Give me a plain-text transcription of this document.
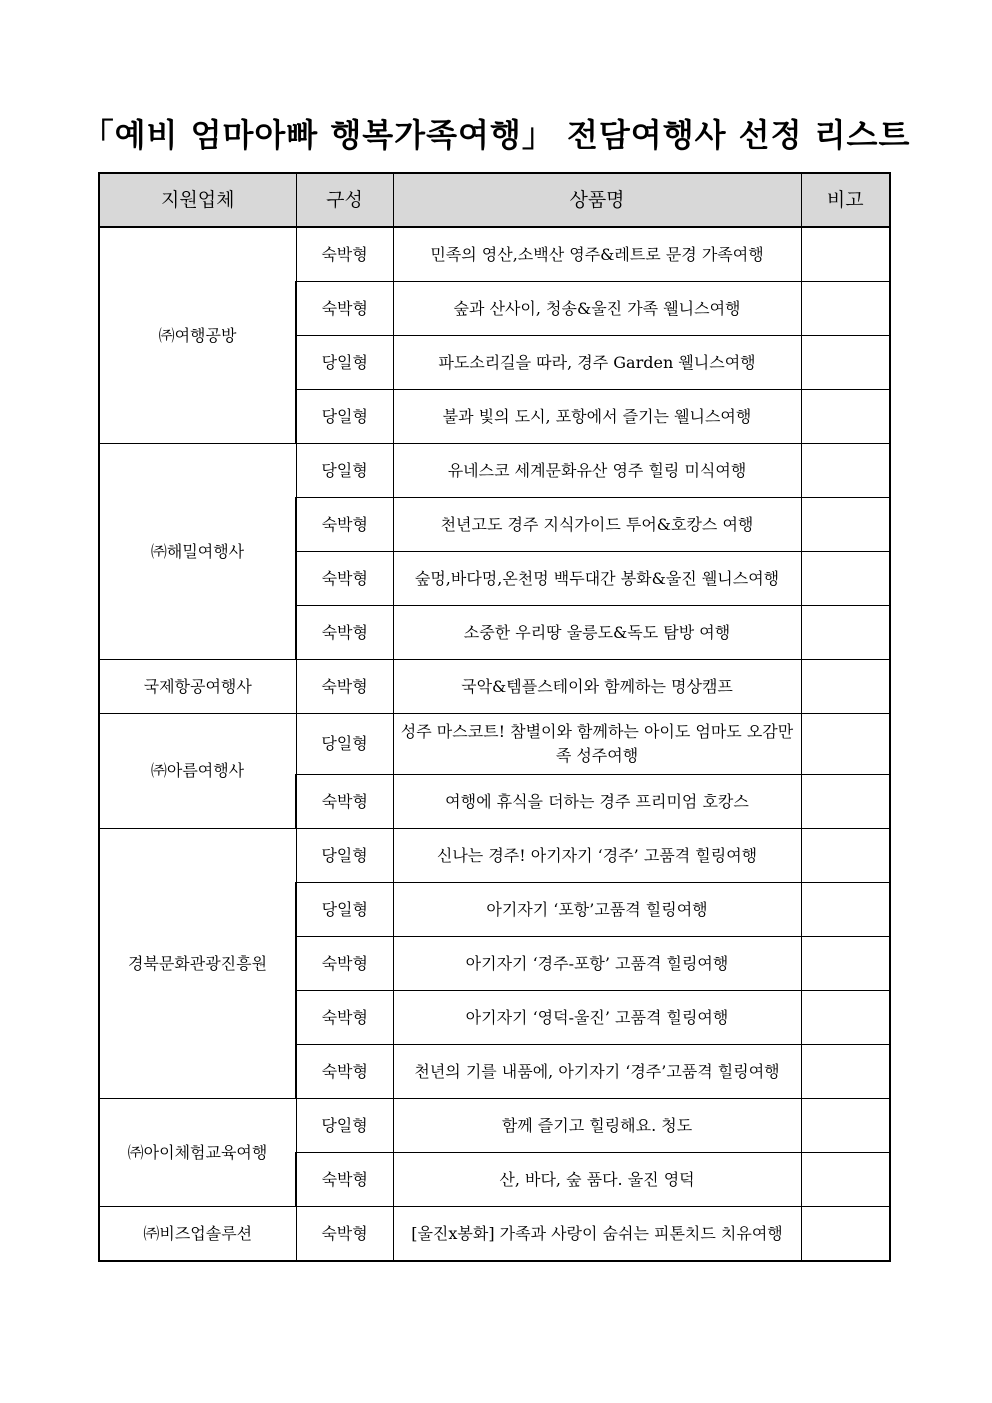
「예비 엄마아빠 행복가족여행」 전담여행사 선정 리스트
지원업체	구성	상품명	비고
㈜여행공방	숙박형	민족의 영산,소백산 영주&레트로 문경 가족여행	
	숙박형	숲과 산사이, 청송&울진 가족 웰니스여행	
	당일형	파도소리길을 따라, 경주 Garden 웰니스여행	
	당일형	불과 빛의 도시, 포항에서 즐기는 웰니스여행	
㈜해밀여행사	당일형	유네스코 세계문화유산 영주 힐링 미식여행	
	숙박형	천년고도 경주 지식가이드 투어&호캉스 여행	
	숙박형	숲멍,바다멍,온천멍 백두대간 봉화&울진 웰니스여행	
	숙박형	소중한 우리땅 울릉도&독도 탐방 여행	
국제항공여행사	숙박형	국악&템플스테이와 함께하는 명상캠프	
㈜아름여행사	당일형	성주 마스코트! 참별이와 함께하는 아이도 엄마도 오감만족 성주여행	
	숙박형	여행에 휴식을 더하는 경주 프리미엄 호캉스	
경북문화관광진흥원	당일형	신나는 경주! 아기자기 ‘경주’ 고품격 힐링여행	
	당일형	아기자기 ‘포항’고품격 힐링여행	
	숙박형	아기자기 ‘경주-포항’ 고품격 힐링여행	
	숙박형	아기자기 ‘영덕-울진’ 고품격 힐링여행	
	숙박형	천년의 기를 내품에, 아기자기 ‘경주’고품격 힐링여행	
㈜아이체험교육여행	당일형	함께 즐기고 힐링해요. 청도	
	숙박형	산, 바다, 숲 품다. 울진 영덕	
㈜비즈업솔루션	숙박형	[울진x봉화] 가족과 사랑이 숨쉬는 피톤치드 치유여행	
